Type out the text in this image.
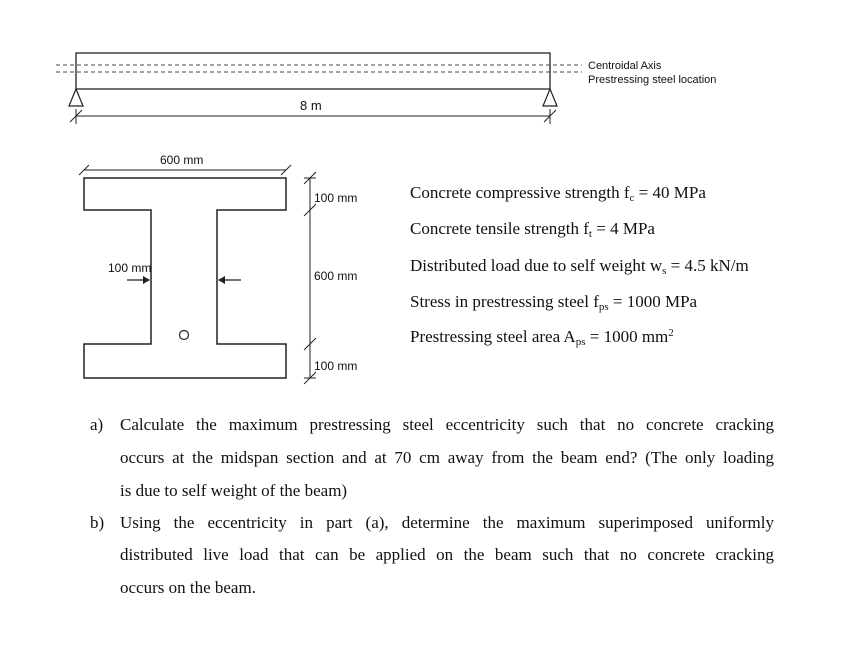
8 m
Centroidal Axis
Prestressing steel location
600 mm
100 mm
100 mm
600 mm
100 mm
Concrete compressive strength $f_c = 40$ MPa
Concrete tensile strength $f_t = 4$ MPa
Distributed load due to self weight $w_s = 4.5$ kN/m
Stress in prestressing steel $f_{ps} = 1000$ MPa
Prestressing steel area $A_{ps} = 1000$ $mm^2$
a) Calculate the maximum prestressing steel eccentricity such that no concrete cracking
occurs at the midspan section and at 70 cm away from the beam end? (The only loading
is due to self weight of the beam)
b) Using the eccentricity in part (a), determine the maximum superimposed uniformly
distributed live load that can be applied on the beam such that no concrete cracking
occurs on the beam.
